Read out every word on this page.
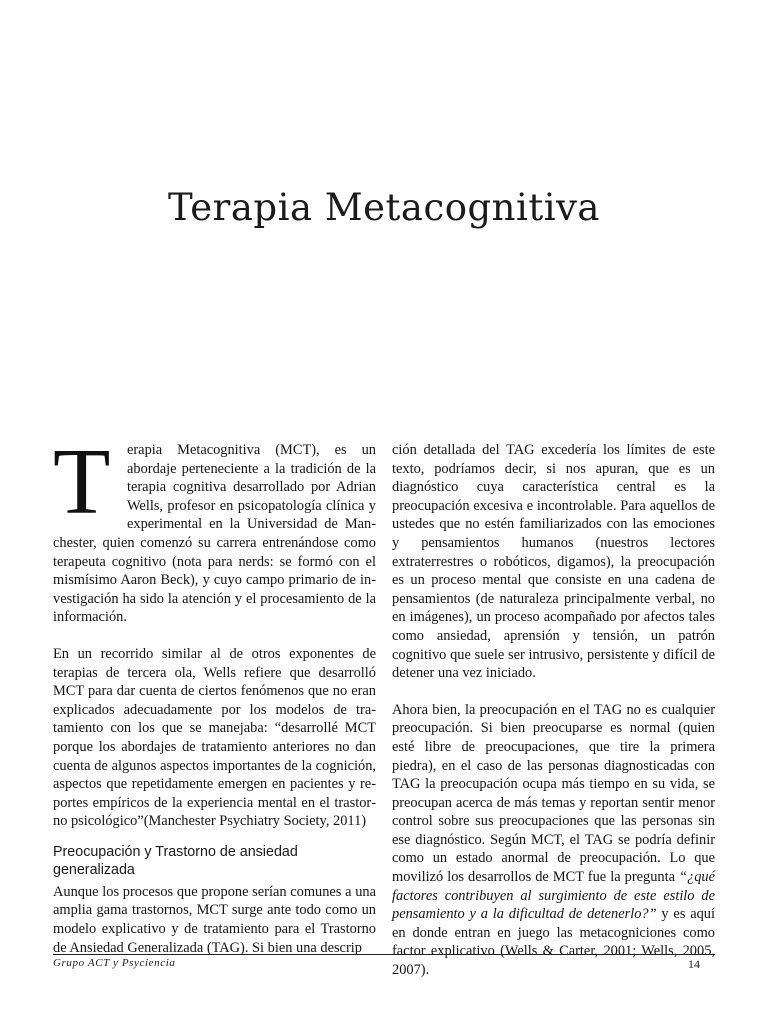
Terapia Metacognitiva
T	erapia Metacognitiva (MCT), es un abordaje perteneciente a la tradición de la terapia cognitiva desarrollado por Adrian Wells, profesor en psicopatología clínica y experimental en la Universidad de Manchester, quien comenzó su carrera entrenándose como terapeuta cognitivo (nota para nerds: se formó con el mismísimo Aaron Beck), y cuyo campo primario de investigación ha sido la atención y el procesamiento de la información.

En un recorrido similar al de otros exponentes de terapias de tercera ola, Wells refiere que desarrolló MCT para dar cuenta de ciertos fenómenos que no eran explicados adecuadamente por los modelos de tratamiento con los que se manejaba: “desarrollé MCT porque los abordajes de tratamiento anteriores no dan cuenta de algunos aspectos importantes de la cognición, aspectos que repetidamente emergen en pacientes y reportes empíricos de la experiencia mental en el trastorno psicológico”(Manchester Psychiatry Society, 2011)

Preocupación y Trastorno de ansiedad generalizada

Aunque los procesos que propone serían comunes a una amplia gama trastornos, MCT surge ante todo como un modelo explicativo y de tratamiento para el Trastorno de Ansiedad Generalizada (TAG). Si bien una descrip

ción detallada del TAG excedería los límites de este texto, podríamos decir, si nos apuran, que es un diagnóstico cuya característica central es la preocupación excesiva e incontrolable. Para aquellos de ustedes que no estén familiarizados con las emociones y pensamientos humanos (nuestros lectores extraterrestres o robóticos, digamos), la preocupación es un proceso mental que consiste en una cadena de pensamientos (de naturaleza principalmente verbal, no en imágenes), un proceso acompañado por afectos tales como ansiedad, aprensión y tensión, un patrón cognitivo que suele ser intrusivo, persistente y difícil de detener una vez iniciado.

Ahora bien, la preocupación en el TAG no es cualquier preocupación. Si bien preocuparse es normal (quien esté libre de preocupaciones, que tire la primera piedra), en el caso de las personas diagnosticadas con TAG la preocupación ocupa más tiempo en su vida, se preocupan acerca de más temas y reportan sentir menor control sobre sus preocupaciones que las personas sin ese diagnóstico. Según MCT, el TAG se podría definir como un estado anormal de preocupación. Lo que movilizó los desarrollos de MCT fue la pregunta “¿qué factores contribuyen al surgimiento de este estilo de pensamiento y a la dificultad de detenerlo?” y es aquí en donde entran en juego las metacogniciones como factor explicativo (Wells & Carter, 2001; Wells, 2005, 2007).

Grupo ACT y Psyciencia	14
